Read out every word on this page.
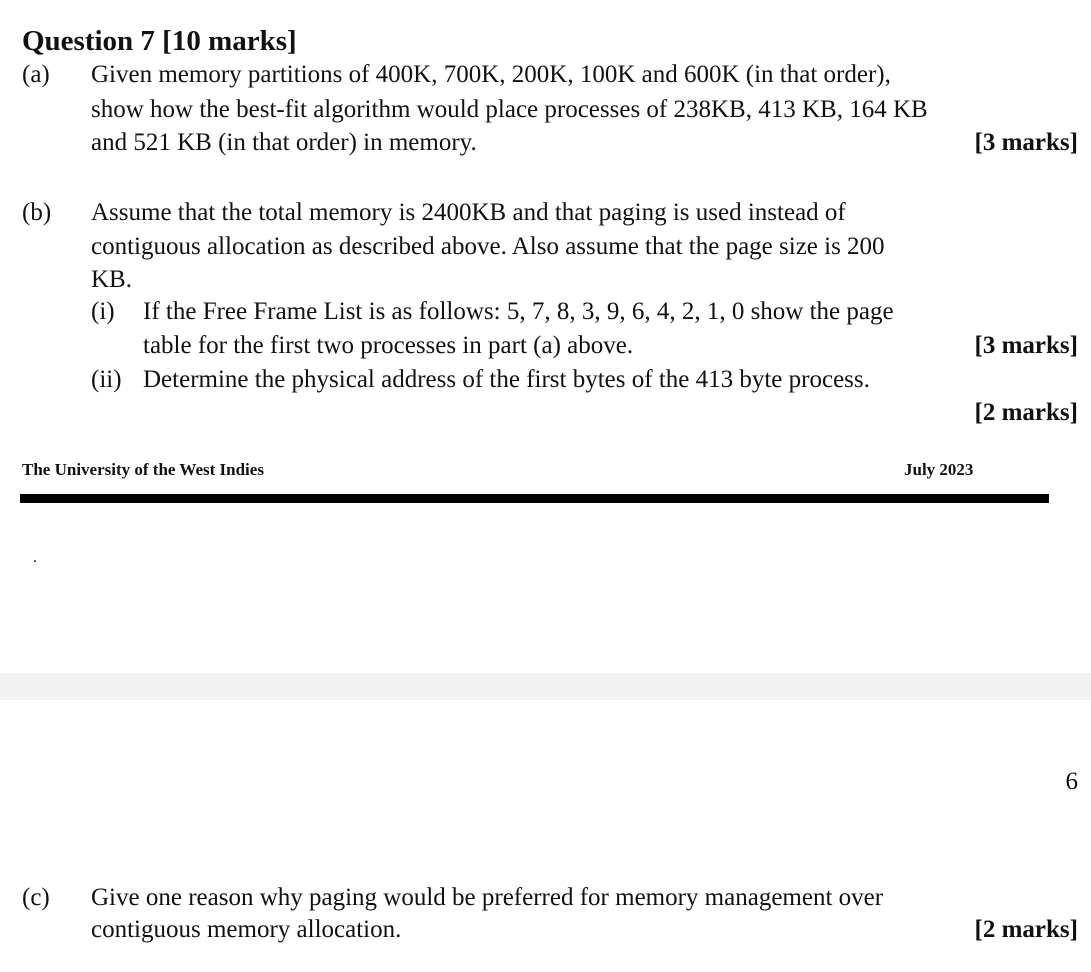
Question 7 [10 marks]
(a) Given memory partitions of 400K, 700K, 200K, 100K and 600K (in that order),
show how the best-fit algorithm would place processes of 238KB, 413 KB, 164 KB
and 521 KB (in that order) in memory.	[3 marks]
(b) Assume that the total memory is 2400KB and that paging is used instead of
contiguous allocation as described above. Also assume that the page size is 200
KB.
(i) If the Free Frame List is as follows: 5, 7, 8, 3, 9, 6, 4, 2, 1, 0 show the page
table for the first two processes in part (a) above.	[3 marks]
(ii) Determine the physical address of the first bytes of the 413 byte process.
[2 marks]
The University of the West Indies	July 2023
.
6
(c) Give one reason why paging would be preferred for memory management over
contiguous memory allocation.	[2 marks]
